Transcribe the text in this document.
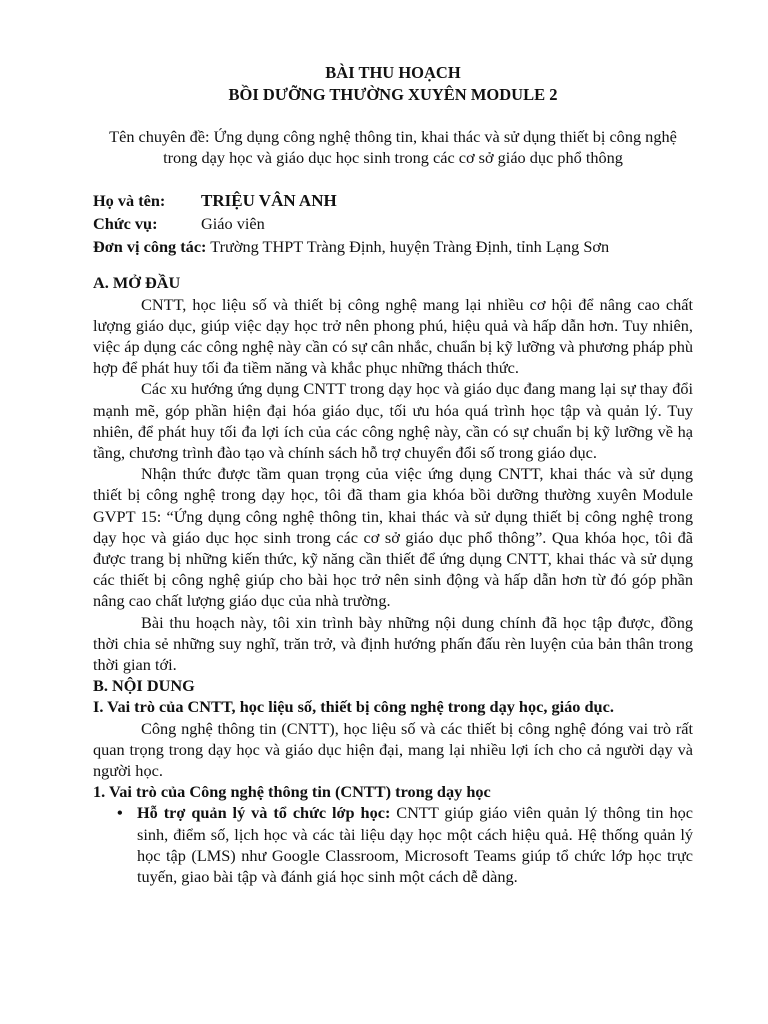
BÀI THU HOẠCH
BỒI DƯỠNG THƯỜNG XUYÊN MODULE 2
Tên chuyên đề: Ứng dụng công nghệ thông tin, khai thác và sử dụng thiết bị công nghệ trong dạy học và giáo dục học sinh trong các cơ sở giáo dục phổ thông
Họ và tên: TRIỆU VÂN ANH
Chức vụ:	Giáo viên
Đơn vị công tác: Trường THPT Tràng Định, huyện Tràng Định, tỉnh Lạng Sơn
A. MỞ ĐẦU

CNTT, học liệu số và thiết bị công nghệ mang lại nhiều cơ hội để nâng cao chất lượng giáo dục, giúp việc dạy học trở nên phong phú, hiệu quả và hấp dẫn hơn. Tuy nhiên, việc áp dụng các công nghệ này cần có sự cân nhắc, chuẩn bị kỹ lưỡng và phương pháp phù hợp để phát huy tối đa tiềm năng và khắc phục những thách thức.

Các xu hướng ứng dụng CNTT trong dạy học và giáo dục đang mang lại sự thay đổi mạnh mẽ, góp phần hiện đại hóa giáo dục, tối ưu hóa quá trình học tập và quản lý. Tuy nhiên, để phát huy tối đa lợi ích của các công nghệ này, cần có sự chuẩn bị kỹ lưỡng về hạ tầng, chương trình đào tạo và chính sách hỗ trợ chuyển đổi số trong giáo dục.

Nhận thức được tầm quan trọng của việc ứng dụng CNTT, khai thác và sử dụng thiết bị công nghệ trong dạy học, tôi đã tham gia khóa bồi dưỡng thường xuyên Module GVPT 15: “Ứng dụng công nghệ thông tin, khai thác và sử dụng thiết bị công nghệ trong dạy học và giáo dục học sinh trong các cơ sở giáo dục phổ thông”. Qua khóa học, tôi đã được trang bị những kiến thức, kỹ năng cần thiết để ứng dụng CNTT, khai thác và sử dụng các thiết bị công nghệ giúp cho bài học trở nên sinh động và hấp dẫn hơn từ đó góp phần nâng cao chất lượng giáo dục của nhà trường.

Bài thu hoạch này, tôi xin trình bày những nội dung chính đã học tập được, đồng thời chia sẻ những suy nghĩ, trăn trở, và định hướng phấn đấu rèn luyện của bản thân trong thời gian tới.

B. NỘI DUNG
I. Vai trò của CNTT, học liệu số, thiết bị công nghệ trong dạy học, giáo dục.

Công nghệ thông tin (CNTT), học liệu số và các thiết bị công nghệ đóng vai trò rất quan trọng trong dạy học và giáo dục hiện đại, mang lại nhiều lợi ích cho cả người dạy và người học.

1. Vai trò của Công nghệ thông tin (CNTT) trong dạy học
• Hỗ trợ quản lý và tổ chức lớp học: CNTT giúp giáo viên quản lý thông tin học sinh, điểm số, lịch học và các tài liệu dạy học một cách hiệu quả. Hệ thống quản lý học tập (LMS) như Google Classroom, Microsoft Teams giúp tổ chức lớp học trực tuyến, giao bài tập và đánh giá học sinh một cách dễ dàng.
